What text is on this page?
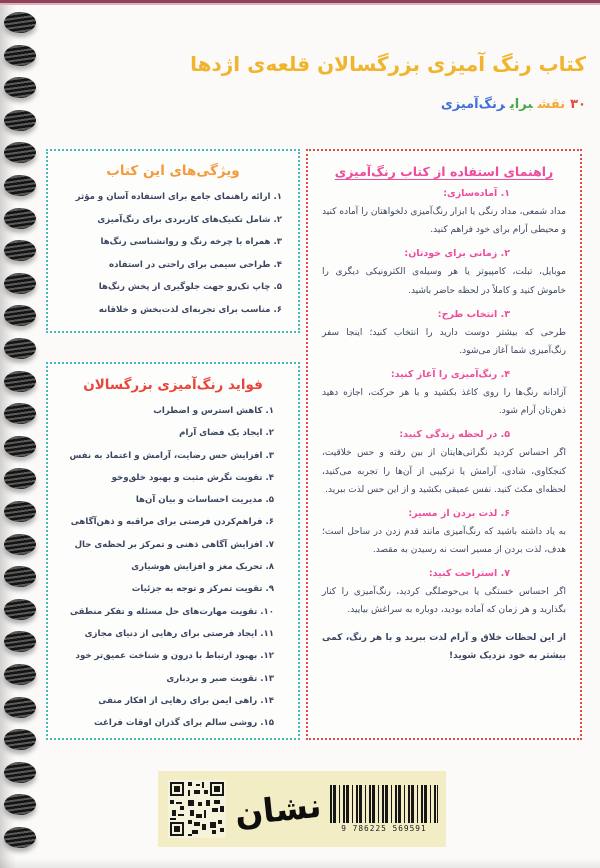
کتاب رنگ آمیزی بزرگسالان قلعه‌ی اژدها
۳۰نقشبرایرنگ‌آمیزی
ویژگی‌های این کتاب
۱. ارائه راهنمای جامع برای استفاده آسان و مؤثر
۲. شامل تکنیک‌های کاربردی برای رنگ‌آمیزی
۳. همراه با چرخه رنگ و روانشناسی رنگ‌ها
۴. طراحی سیمی برای راحتی در استفاده
۵. چاپ تک‌رو جهت جلوگیری از پخش رنگ‌ها
۶. مناسب برای تجربه‌ای لذت‌بخش و خلاقانه
فواید رنگ‌آمیزی بزرگسالان
۱. کاهش استرس و اضطراب
۲. ایجاد یک فضای آرام
۳. افزایش حس رضایت، آرامش و اعتماد به نفس
۴. تقویت نگرش مثبت و بهبود خلق‌وخو
۵. مدیریت احساسات و بیان آن‌ها
۶. فراهم‌کردن فرصتی برای مراقبه و ذهن‌آگاهی
۷. افزایش آگاهی ذهنی و تمرکز بر لحظه‌ی حال
۸. تحریک مغز و افزایش هوشیاری
۹. تقویت تمرکز و توجه به جزئیات
۱۰. تقویت مهارت‌های حل مسئله و تفکر منطقی
۱۱. ایجاد فرصتی برای رهایی از دنیای مجازی
۱۲. بهبود ارتباط با درون و شناخت عمیق‌تر خود
۱۳. تقویت صبر و بردباری
۱۴. راهی ایمن برای رهایی از افکار منفی
۱۵. روشی سالم برای گذران اوقات فراغت
راهنمای استفاده از کتاب رنگ‌آمیزی
۱. آماده‌سازی:
مداد شمعی، مداد رنگی یا ابزار رنگ‌آمیزی دلخواهتان را آماده کنید و محیطی آرام برای خود فراهم کنید.
۲. زمانی برای خودتان:
موبایل، تبلت، کامپیوتر یا هر وسیله‌ی الکترونیکی دیگری را خاموش کنید و کاملاً در لحظه حاضر باشید.
۳. انتخاب طرح:
طرحی که بیشتر دوست دارید را انتخاب کنید؛ اینجا سفر رنگ‌آمیزی شما آغاز می‌شود.
۴. رنگ‌آمیزی را آغاز کنید:
آزادانه رنگ‌ها را روی کاغذ بکشید و با هر حرکت، اجازه دهید ذهن‌تان آرام شود.
۵. در لحظه زندگی کنید:
اگر احساس کردید نگرانی‌هایتان از بین رفته و حس خلاقیت، کنجکاوی، شادی، آرامش یا ترکیبی از آن‌ها را تجربه می‌کنید، لحظه‌ای مکث کنید. نفس عمیقی بکشید و از این حس لذت ببرید.
۶. لذت بردن از مسیر:
به یاد داشته باشید که رنگ‌آمیزی مانند قدم زدن در ساحل است؛ هدف، لذت بردن از مسیر است نه رسیدن به مقصد.
۷. استراحت کنید:
اگر احساس خستگی یا بی‌حوصلگی کردید، رنگ‌آمیزی را کنار بگذارید و هر زمان که آماده بودید، دوباره به سراغش بیایید.

از این لحظات خلاق و آرام لذت ببرید و با هر رنگ، کمی بیشتر به خود نزدیک شوید!

نشان	9 786225 569591
